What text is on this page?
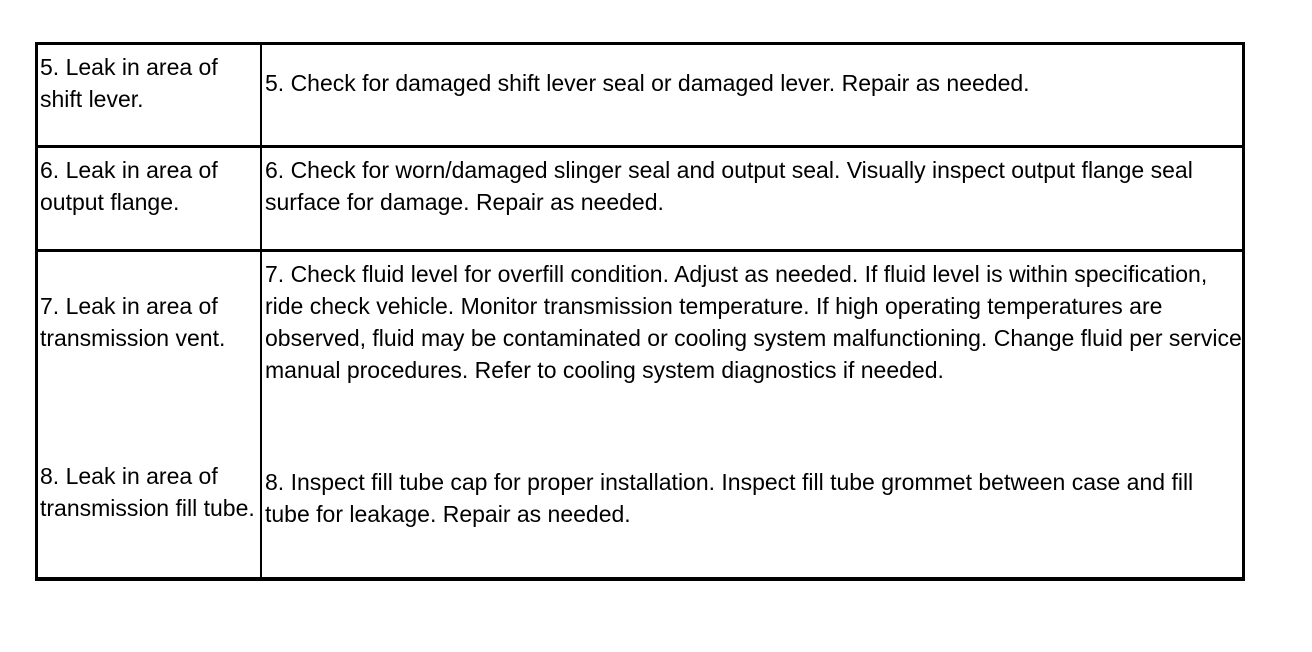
5. Leak in area of shift lever.
5. Check for damaged shift lever seal or damaged lever. Repair as needed.
6. Leak in area of output flange.
6. Check for worn/damaged slinger seal and output seal. Visually inspect output flange seal surface for damage. Repair as needed.
7. Leak in area of transmission vent.
8. Leak in area of transmission fill tube.
7. Check fluid level for overfill condition. Adjust as needed. If fluid level is within specification, ride check vehicle. Monitor transmission temperature. If high operating temperatures are observed, fluid may be contaminated or cooling system malfunctioning. Change fluid per service manual procedures. Refer to cooling system diagnostics if needed.
8. Inspect fill tube cap for proper installation. Inspect fill tube grommet between case and fill tube for leakage. Repair as needed.
